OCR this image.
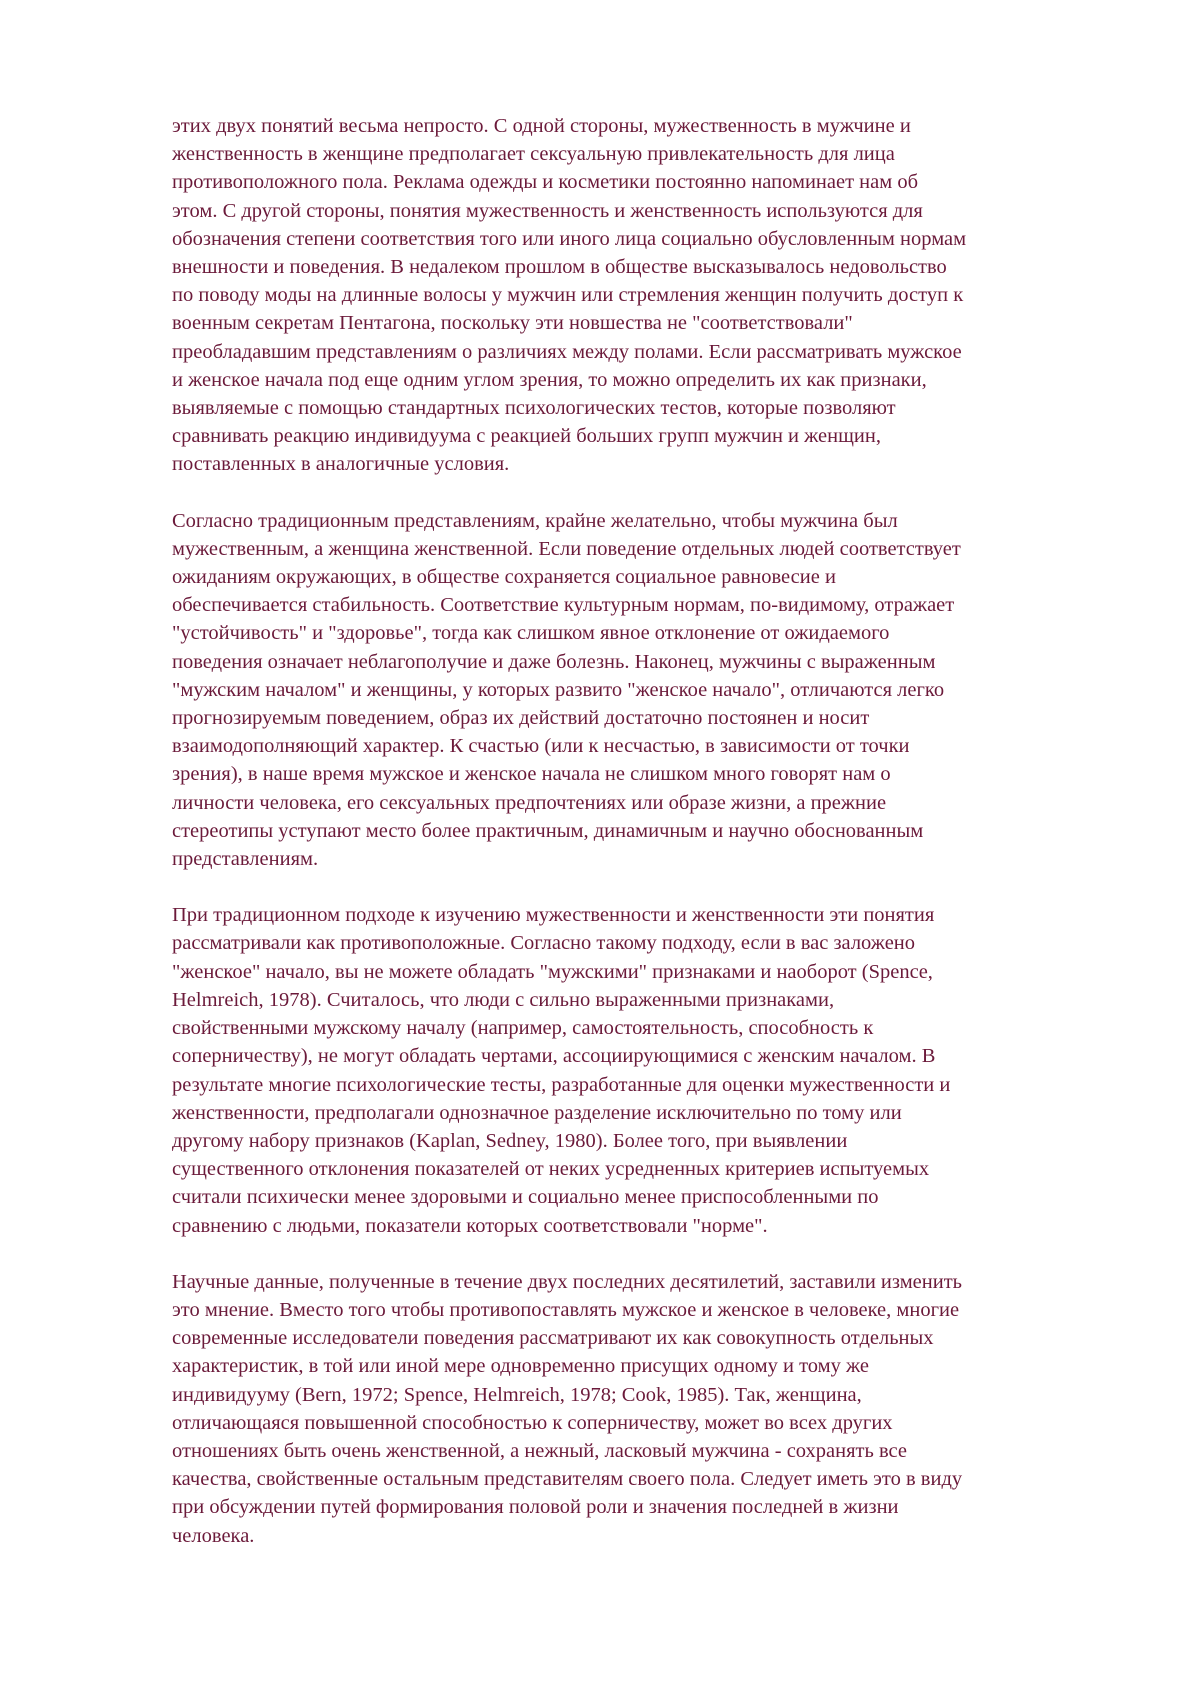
этих двух понятий весьма непросто. С одной стороны, мужественность в мужчине и
женственность в женщине предполагает сексуальную привлекательность для лица
противоположного пола. Реклама одежды и косметики постоянно напоминает нам об
этом. С другой стороны, понятия мужественность и женственность используются для
обозначения степени соответствия того или иного лица социально обусловленным нормам
внешности и поведения. В недалеком прошлом в обществе высказывалось недовольство
по поводу моды на длинные волосы у мужчин или стремления женщин получить доступ к
военным секретам Пентагона, поскольку эти новшества не "соответствовали"
преобладавшим представлениям о различиях между полами. Если рассматривать мужское
и женское начала под еще одним углом зрения, то можно определить их как признаки,
выявляемые с помощью стандартных психологических тестов, которые позволяют
сравнивать реакцию индивидуума с реакцией больших групп мужчин и женщин,
поставленных в аналогичные условия.
Согласно традиционным представлениям, крайне желательно, чтобы мужчина был
мужественным, а женщина женственной. Если поведение отдельных людей соответствует
ожиданиям окружающих, в обществе сохраняется социальное равновесие и
обеспечивается стабильность. Соответствие культурным нормам, по-видимому, отражает
"устойчивость" и "здоровье", тогда как слишком явное отклонение от ожидаемого
поведения означает неблагополучие и даже болезнь. Наконец, мужчины с выраженным
"мужским началом" и женщины, у которых развито "женское начало", отличаются легко
прогнозируемым поведением, образ их действий достаточно постоянен и носит
взаимодополняющий характер. К счастью (или к несчастью, в зависимости от точки
зрения), в наше время мужское и женское начала не слишком много говорят нам о
личности человека, его сексуальных предпочтениях или образе жизни, а прежние
стереотипы уступают место более практичным, динамичным и научно обоснованным
представлениям.
При традиционном подходе к изучению мужественности и женственности эти понятия
рассматривали как противоположные. Согласно такому подходу, если в вас заложено
"женское" начало, вы не можете обладать "мужскими" признаками и наоборот (Spence,
Helmreich, 1978). Считалось, что люди с сильно выраженными признаками,
свойственными мужскому началу (например, самостоятельность, способность к
соперничеству), не могут обладать чертами, ассоциирующимися с женским началом. В
результате многие психологические тесты, разработанные для оценки мужественности и
женственности, предполагали однозначное разделение исключительно по тому или
другому набору признаков (Kaplan, Sedney, 1980). Более того, при выявлении
существенного отклонения показателей от неких усредненных критериев испытуемых
считали психически менее здоровыми и социально менее приспособленными по
сравнению с людьми, показатели которых соответствовали "норме".
Научные данные, полученные в течение двух последних десятилетий, заставили изменить
это мнение. Вместо того чтобы противопоставлять мужское и женское в человеке, многие
современные исследователи поведения рассматривают их как совокупность отдельных
характеристик, в той или иной мере одновременно присущих одному и тому же
индивидууму (Bern, 1972; Spence, Helmreich, 1978; Cook, 1985). Так, женщина,
отличающаяся повышенной способностью к соперничеству, может во всех других
отношениях быть очень женственной, а нежный, ласковый мужчина - сохранять все
качества, свойственные остальным представителям своего пола. Следует иметь это в виду
при обсуждении путей формирования половой роли и значения последней в жизни
человека.
